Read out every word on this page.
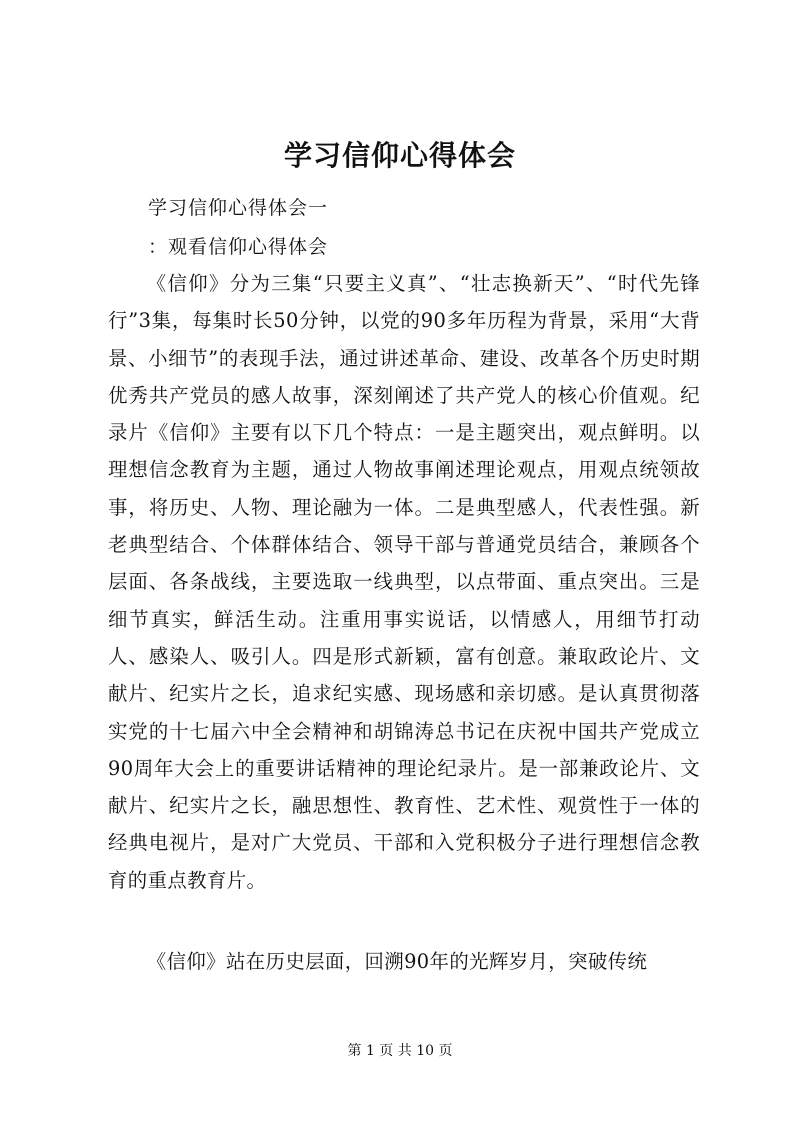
学习信仰心得体会
学习信仰心得体会一
：观看信仰心得体会

《信仰》分为三集“只要主义真”、“壮志换新天”、“时代先锋行”3集，每集时长50分钟，以党的90多年历程为背景，采用“大背景、小细节”的表现手法，通过讲述革命、建设、改革各个历史时期优秀共产党员的感人故事，深刻阐述了共产党人的核心价值观。纪录片《信仰》主要有以下几个特点：一是主题突出，观点鲜明。以理想信念教育为主题，通过人物故事阐述理论观点，用观点统领故事，将历史、人物、理论融为一体。二是典型感人，代表性强。新老典型结合、个体群体结合、领导干部与普通党员结合，兼顾各个层面、各条战线，主要选取一线典型，以点带面、重点突出。三是细节真实，鲜活生动。注重用事实说话，以情感人，用细节打动人、感染人、吸引人。四是形式新颖，富有创意。兼取政论片、文献片、纪实片之长，追求纪实感、现场感和亲切感。是认真贯彻落实党的十七届六中全会精神和胡锦涛总书记在庆祝中国共产党成立90周年大会上的重要讲话精神的理论纪录片。是一部兼政论片、文献片、纪实片之长，融思想性、教育性、艺术性、观赏性于一体的经典电视片，是对广大党员、干部和入党积极分子进行理想信念教育的重点教育片。

《信仰》站在历史层面，回溯90年的光辉岁月，突破传统

第 1 页 共 10 页
